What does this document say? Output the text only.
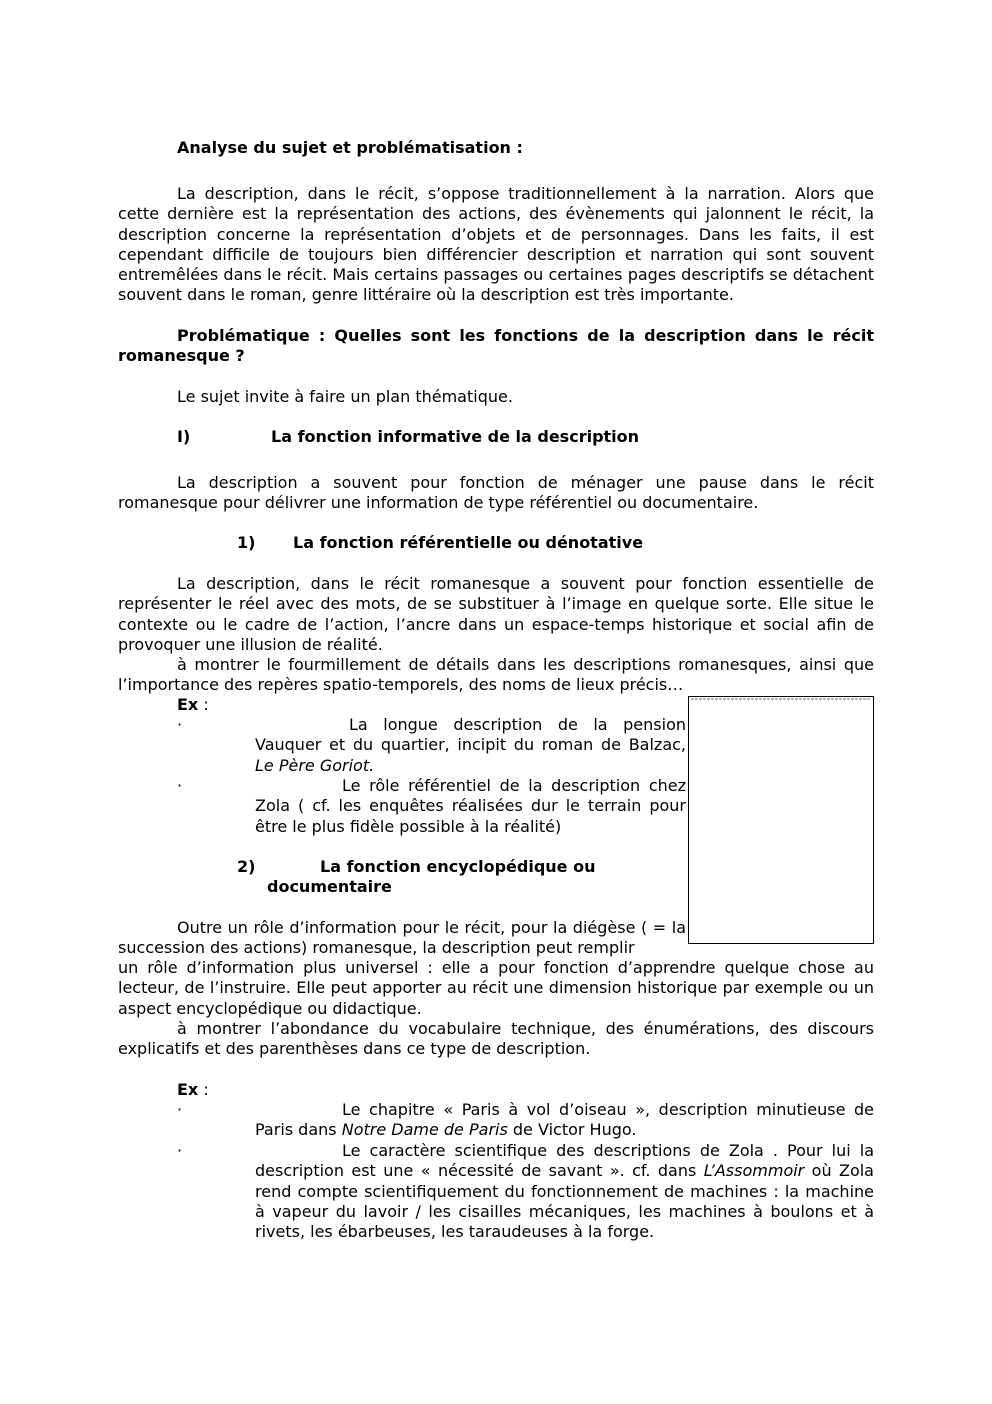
Analyse du sujet et problématisation :
La description, dans le récit, s’oppose traditionnellement à la narration. Alors que cette dernière est la représentation des actions, des évènements qui jalonnent le récit, la description concerne la représentation d’objets et de personnages. Dans les faits, il est cependant difficile de toujours bien différencier description et narration qui sont souvent entremêlées dans le récit. Mais certains passages ou certaines pages descriptifs se détachent souvent dans le roman, genre littéraire où la description est très importante.
Problématique : Quelles sont les fonctions de la description dans le récit romanesque ?
Le sujet invite à faire un plan thématique.
I)	La fonction informative de la description
La description a souvent pour fonction de ménager une pause dans le récit romanesque pour délivrer une information de type référentiel ou documentaire.
1) La fonction référentielle ou dénotative
La description, dans le récit romanesque a souvent pour fonction essentielle de représenter le réel avec des mots, de se substituer à l’image en quelque sorte. Elle situe le contexte ou le cadre de l’action, l’ancre dans un espace-temps historique et social afin de provoquer une illusion de réalité.
à montrer le fourmillement de détails dans les descriptions romanesques, ainsi que l’importance des repères spatio-temporels, des noms de lieux précis…
Ex :
·	La longue description de la pension Vauquer et du quartier, incipit du roman de Balzac, Le Père Goriot.
·	Le rôle référentiel de la description chez Zola ( cf. les enquêtes réalisées dur le terrain pour être le plus fidèle possible à la réalité)
2)	La fonction encyclopédique ou
documentaire
Outre un rôle d’information pour le récit, pour la diégèse ( = la succession des actions) romanesque, la description peut remplir
un rôle d’information plus universel : elle a pour fonction d’apprendre quelque chose au lecteur, de l’instruire. Elle peut apporter au récit une dimension historique par exemple ou un aspect encyclopédique ou didactique.
à montrer l’abondance du vocabulaire technique, des énumérations, des discours explicatifs et des parenthèses dans ce type de description.
Ex :
·	Le chapitre « Paris à vol d’oiseau », description minutieuse de Paris dans Notre Dame de Paris de Victor Hugo.
·	Le caractère scientifique des descriptions de Zola . Pour lui la description est une « nécessité de savant ». cf. dans L’Assommoir où Zola rend compte scientifiquement du fonctionnement de machines : la machine à vapeur du lavoir / les cisailles mécaniques, les machines à boulons et à rivets, les ébarbeuses, les taraudeuses à la forge.
